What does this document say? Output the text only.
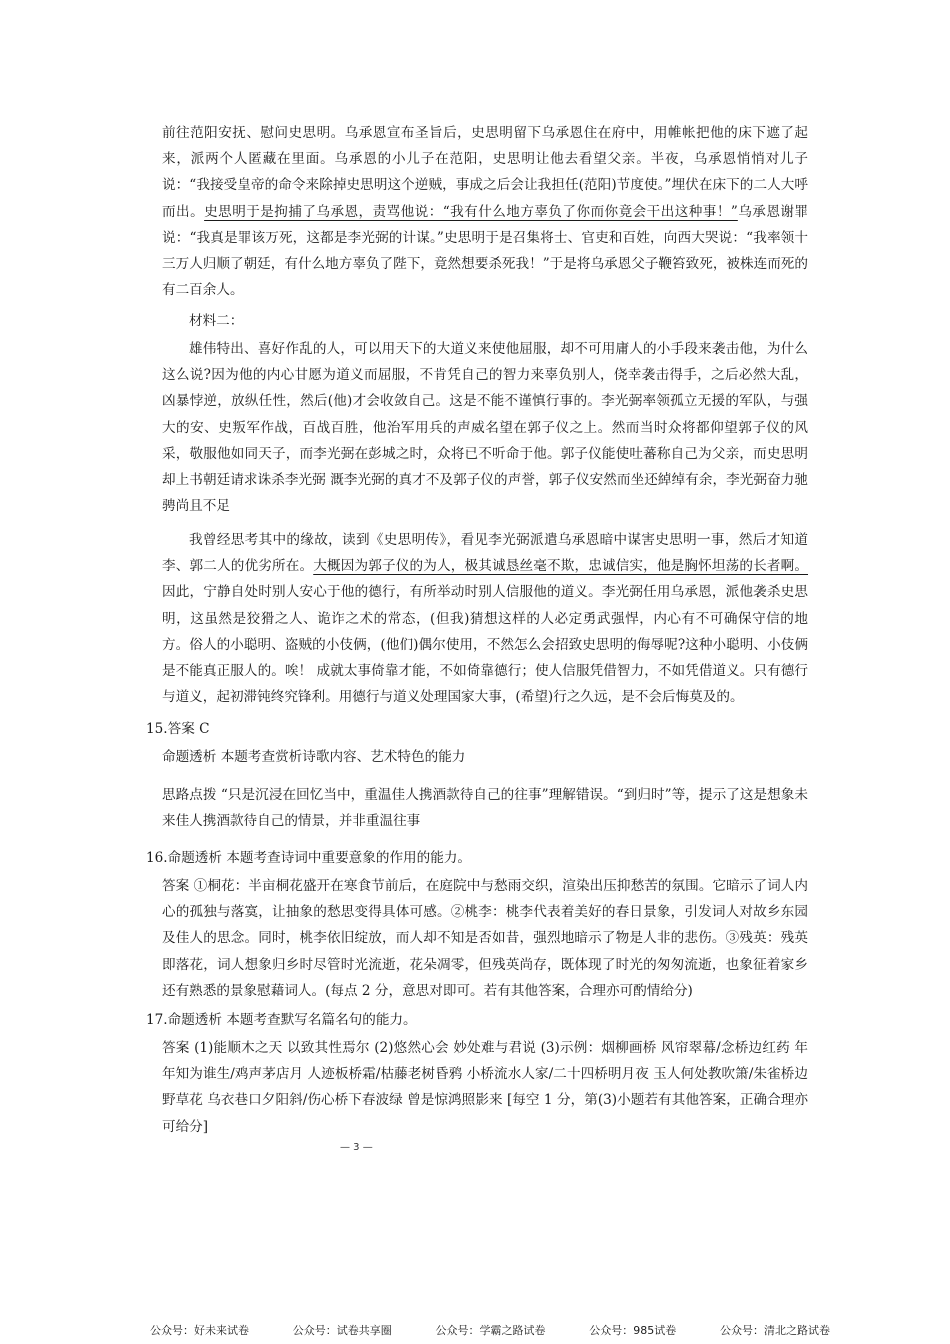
前往范阳安抚、慰问史思明。乌承恩宣布圣旨后，史思明留下乌承恩住在府中，用帷帐把他的床下遮了起来，派两个人匿藏在里面。乌承恩的小儿子在范阳，史思明让他去看望父亲。半夜，乌承恩悄悄对儿子说：“我接受皇帝的命令来除掉史思明这个逆贼，事成之后会让我担任(范阳)节度使。”埋伏在床下的二人大呼而出。史思明于是拘捕了乌承恩，责骂他说：“我有什么地方辜负了你而你竟会干出这种事！”乌承恩谢罪说：“我真是罪该万死，这都是李光弼的计谋。”史思明于是召集将士、官吏和百姓，向西大哭说：“我率领十三万人归顺了朝廷，有什么地方辜负了陛下，竟然想要杀死我！”于是将乌承恩父子鞭笞致死，被株连而死的有二百余人。
材料二：
雄伟特出、喜好作乱的人，可以用天下的大道义来使他屈服，却不可用庸人的小手段来袭击他，为什么这么说?因为他的内心甘愿为道义而屈服，不肯凭自己的智力来辜负别人，侥幸袭击得手，之后必然大乱，凶暴悖逆，放纵任性，然后(他)才会收敛自己。这是不能不谨慎行事的。李光弼率领孤立无援的军队，与强大的安、史叛军作战，百战百胜，他治军用兵的声威名望在郭子仪之上。然而当时众将都仰望郭子仪的风采，敬服他如同天子，而李光弼在彭城之时，众将已不听命于他。郭子仪能使吐蕃称自己为父亲，而史思明却上书朝廷请求诛杀李光弼 溉李光弼的真才不及郭子仪的声誉，郭子仪安然而坐还綽绰有余，李光弼奋力驰骋尚且不足
我曾经思考其中的缘故，读到《史思明传》，看见李光弼派遣乌承恩暗中谋害史思明一事，然后才知道李、郭二人的优劣所在。大概因为郭子仪的为人，极其诚恳丝毫不欺，忠诚信实，他是胸怀坦荡的长者啊。因此，宁静自处时别人安心于他的德行，有所举动时别人信服他的道义。李光弼任用乌承恩，派他袭杀史思明，这虽然是狡猾之人、诡诈之术的常态，(但我)猜想这样的人必定勇武强悍，内心有不可确保守信的地方。俗人的小聪明、盗贼的小伎俩，(他们)偶尔使用，不然怎么会招致史思明的侮辱呢?这种小聪明、小伎俩是不能真正服人的。唉！ 成就太事倚靠才能，不如倚靠德行；使人信服凭借智力，不如凭借道义。只有德行与道义，起初滞钝终究锋利。用德行与道义处理国家大事，(希望)行之久远，是不会后悔莫及的。
15.答案 C
命题透析 本题考查赏析诗歌内容、艺术特色的能力
思路点拨 “只是沉浸在回忆当中，重温佳人携酒款待自己的往事”理解错误。“到归时”等，提示了这是想象未来佳人携酒款待自己的情景，并非重温往事
16.命题透析 本题考查诗词中重要意象的作用的能力。
答案 ①桐花：半亩桐花盛开在寒食节前后，在庭院中与愁雨交织，渲染出压抑愁苦的氛围。它暗示了词人内心的孤独与落寞，让抽象的愁思变得具体可感。②桃李：桃李代表着美好的春日景象，引发词人对故乡东园及佳人的思念。同时，桃李依旧绽放，而人却不知是否如昔，强烈地暗示了物是人非的悲伤。③残英：残英即落花，词人想象归乡时尽管时光流逝，花朵凋零，但残英尚存，既体现了时光的匆匆流逝，也象征着家乡还有熟悉的景象慰藉词人。(每点 2 分，意思对即可。若有其他答案，合理亦可酌情给分)
17.命题透析 本题考查默写名篇名句的能力。
答案 (1)能顺木之天 以致其性焉尔 (2)悠然心会 妙处难与君说 (3)示例：烟柳画桥 风帘翠幕/念桥边红药 年年知为谁生/鸡声茅店月 人迹板桥霜/枯藤老树昏鸦 小桥流水人家/二十四桥明月夜 玉人何处教吹箫/朱雀桥边野草花 乌衣巷口夕阳斜/伤心桥下春波绿 曾是惊鸿照影来 [每空 1 分，第(3)小题若有其他答案，正确合理亦可给分]
— 3 —
公众号：好未来试卷	公众号：试卷共享圈	公众号：学霸之路试卷	公众号：985试卷	公众号：清北之路试卷
